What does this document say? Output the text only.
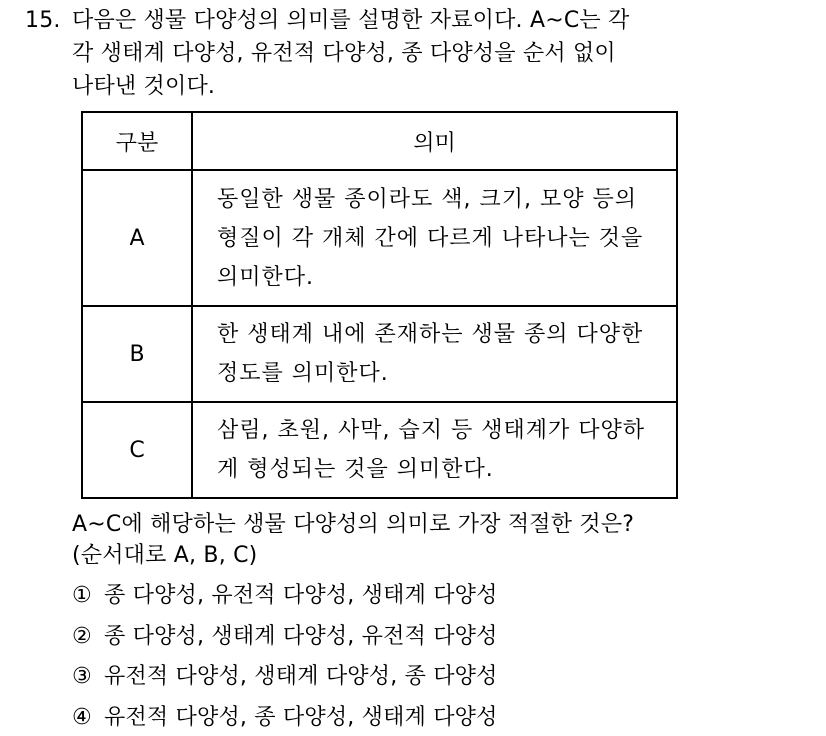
15. 다음은 생물 다양성의 의미를 설명한 자료이다. A~C는 각
각 생태계 다양성, 유전적 다양성, 종 다양성을 순서 없이
나타낸 것이다.
구분	의미
A	동일한 생물 종이라도 색, 크기, 모양 등의 형질이 각 개체 간에 다르게 나타나는 것을 의미한다.
B	한 생태계 내에 존재하는 생물 종의 다양한 정도를 의미한다.
C	삼림, 초원, 사막, 습지 등 생태계가 다양하게 형성되는 것을 의미한다.
A~C에 해당하는 생물 다양성의 의미로 가장 적절한 것은?
(순서대로 A, B, C)
① 종 다양성, 유전적 다양성, 생태계 다양성
② 종 다양성, 생태계 다양성, 유전적 다양성
③ 유전적 다양성, 생태계 다양성, 종 다양성
④ 유전적 다양성, 종 다양성, 생태계 다양성
